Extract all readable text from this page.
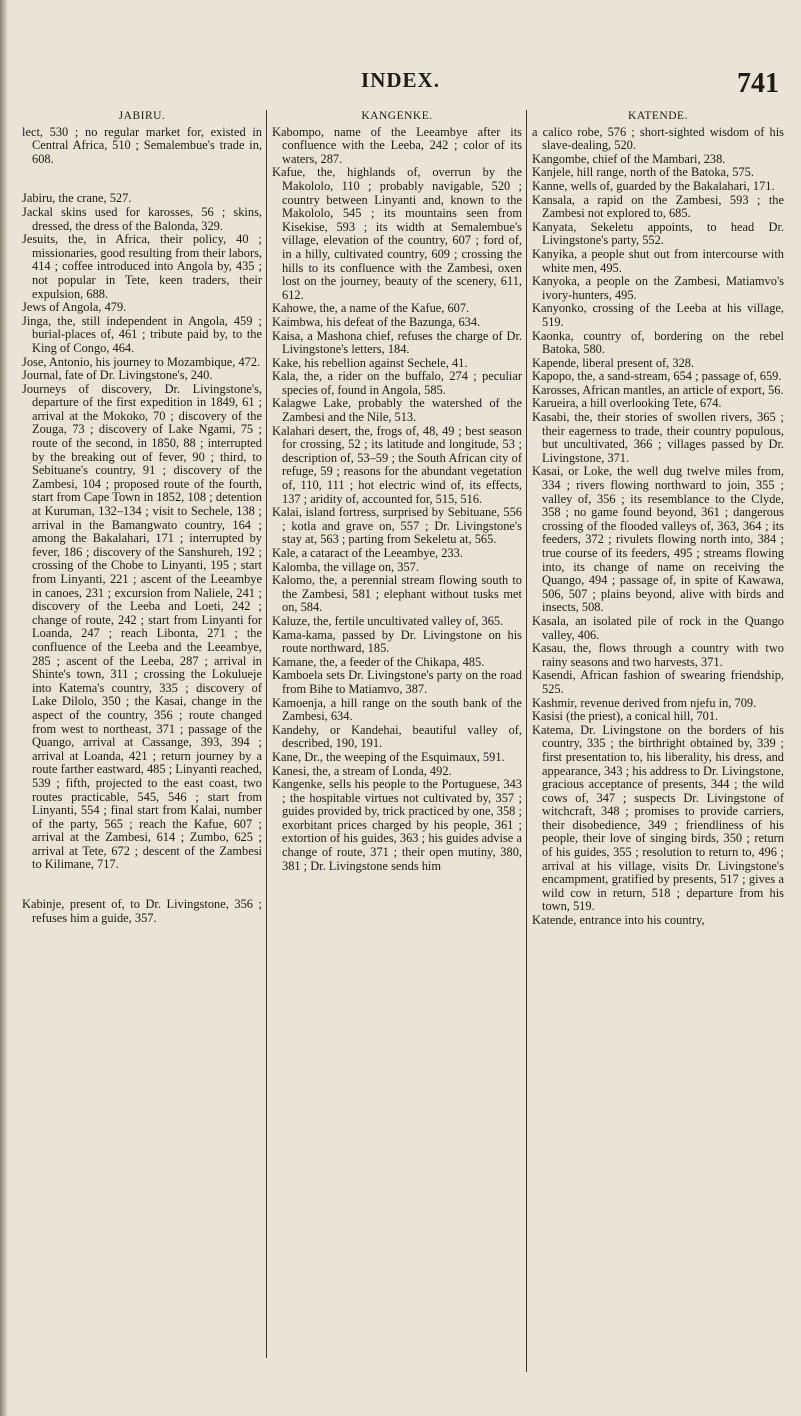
INDEX.	741
JABIRU.

lect, 530 ; no regular market for, existed in Central Africa, 510 ; Semalembue's trade in, 608.

Jabiru, the crane, 527.

Jackal skins used for karosses, 56 ; skins, dressed, the dress of the Balonda, 329.

Jesuits, the, in Africa, their policy, 40 ; missionaries, good resulting from their labors, 414 ; coffee introduced into Angola by, 435 ; not popular in Tete, keen traders, their expulsion, 688.

Jews of Angola, 479.

Jinga, the, still independent in Angola, 459 ; burial-places of, 461 ; tribute paid by, to the King of Congo, 464.

Jose, Antonio, his journey to Mozambique, 472.

Journal, fate of Dr. Livingstone's, 240.

Journeys of discovery, Dr. Livingstone's, departure of the first expedition in 1849, 61 ; arrival at the Mokoko, 70 ; discovery of the Zouga, 73 ; discovery of Lake Ngami, 75 ; route of the second, in 1850, 88 ; interrupted by the breaking out of fever, 90 ; third, to Sebituane's country, 91 ; discovery of the Zambesi, 104 ; proposed route of the fourth, start from Cape Town in 1852, 108 ; detention at Kuruman, 132–134 ; visit to Sechele, 138 ; arrival in the Bamangwato country, 164 ; among the Bakalahari, 171 ; interrupted by fever, 186 ; discovery of the Sanshureh, 192 ; crossing of the Chobe to Linyanti, 195 ; start from Linyanti, 221 ; ascent of the Leeambye in canoes, 231 ; excursion from Naliele, 241 ; discovery of the Leeba and Loeti, 242 ; change of route, 242 ; start from Linyanti for Loanda, 247 ; reach Libonta, 271 ; the confluence of the Leeba and the Leeambye, 285 ; ascent of the Leeba, 287 ; arrival in Shinte's town, 311 ; crossing the Lokulueje into Katema's country, 335 ; discovery of Lake Dilolo, 350 ; the Kasai, change in the aspect of the country, 356 ; route changed from west to northeast, 371 ; passage of the Quango, arrival at Cassange, 393, 394 ; arrival at Loanda, 421 ; return journey by a route farther eastward, 485 ; Linyanti reached, 539 ; fifth, projected to the east coast, two routes practicable, 545, 546 ; start from Linyanti, 554 ; final start from Kalai, number of the party, 565 ; reach the Kafue, 607 ; arrival at the Zambesi, 614 ; Zumbo, 625 ; arrival at Tete, 672 ; descent of the Zambesi to Kilimane, 717.

Kabinje, present of, to Dr. Livingstone, 356 ; refuses him a guide, 357.

KANGENKE.

Kabompo, name of the Leeambye after its confluence with the Leeba, 242 ; color of its waters, 287.

Kafue, the, highlands of, overrun by the Makololo, 110 ; probably navigable, 520 ; country between Linyanti and, known to the Makololo, 545 ; its mountains seen from Kisekise, 593 ; its width at Semalembue's village, elevation of the country, 607 ; ford of, in a hilly, cultivated country, 609 ; crossing the hills to its confluence with the Zambesi, oxen lost on the journey, beauty of the scenery, 611, 612.

Kahowe, the, a name of the Kafue, 607.

Kaimbwa, his defeat of the Bazunga, 634.

Kaisa, a Mashona chief, refuses the charge of Dr. Livingstone's letters, 184.

Kake, his rebellion against Sechele, 41.

Kala, the, a rider on the buffalo, 274 ; peculiar species of, found in Angola, 585.

Kalagwe Lake, probably the watershed of the Zambesi and the Nile, 513.

Kalahari desert, the, frogs of, 48, 49 ; best season for crossing, 52 ; its latitude and longitude, 53 ; description of, 53–59 ; the South African city of refuge, 59 ; reasons for the abundant vegetation of, 110, 111 ; hot electric wind of, its effects, 137 ; aridity of, accounted for, 515, 516.

Kalai, island fortress, surprised by Sebituane, 556 ; kotla and grave on, 557 ; Dr. Livingstone's stay at, 563 ; parting from Sekeletu at, 565.

Kale, a cataract of the Leeambye, 233.

Kalomba, the village on, 357.

Kalomo, the, a perennial stream flowing south to the Zambesi, 581 ; elephant without tusks met on, 584.

Kaluze, the, fertile uncultivated valley of, 365.

Kama-kama, passed by Dr. Livingstone on his route northward, 185.

Kamane, the, a feeder of the Chikapa, 485.

Kamboela sets Dr. Livingstone's party on the road from Bihe to Matiamvo, 387.

Kamoenja, a hill range on the south bank of the Zambesi, 634.

Kandehy, or Kandehai, beautiful valley of, described, 190, 191.

Kane, Dr., the weeping of the Esquimaux, 591.

Kanesi, the, a stream of Londa, 492.

Kangenke, sells his people to the Portuguese, 343 ; the hospitable virtues not cultivated by, 357 ; guides provided by, trick practiced by one, 358 ; exorbitant prices charged by his people, 361 ; extortion of his guides, 363 ; his guides advise a change of route, 371 ; their open mutiny, 380, 381 ; Dr. Livingstone sends him

KATENDE.

a calico robe, 576 ; short-sighted wisdom of his slave-dealing, 520.

Kangombe, chief of the Mambari, 238.

Kanjele, hill range, north of the Batoka, 575.

Kanne, wells of, guarded by the Bakalahari, 171.

Kansala, a rapid on the Zambesi, 593 ; the Zambesi not explored to, 685.

Kanyata, Sekeletu appoints, to head Dr. Livingstone's party, 552.

Kanyika, a people shut out from intercourse with white men, 495.

Kanyoka, a people on the Zambesi, Matiamvo's ivory-hunters, 495.

Kanyonko, crossing of the Leeba at his village, 519.

Kaonka, country of, bordering on the rebel Batoka, 580.

Kapende, liberal present of, 328.

Kapopo, the, a sand-stream, 654 ; passage of, 659.

Karosses, African mantles, an article of export, 56.

Karueira, a hill overlooking Tete, 674.

Kasabi, the, their stories of swollen rivers, 365 ; their eagerness to trade, their country populous, but uncultivated, 366 ; villages passed by Dr. Livingstone, 371.

Kasai, or Loke, the well dug twelve miles from, 334 ; rivers flowing northward to join, 355 ; valley of, 356 ; its resemblance to the Clyde, 358 ; no game found beyond, 361 ; dangerous crossing of the flooded valleys of, 363, 364 ; its feeders, 372 ; rivulets flowing north into, 384 ; true course of its feeders, 495 ; streams flowing into, its change of name on receiving the Quango, 494 ; passage of, in spite of Kawawa, 506, 507 ; plains beyond, alive with birds and insects, 508.

Kasala, an isolated pile of rock in the Quango valley, 406.

Kasau, the, flows through a country with two rainy seasons and two harvests, 371.

Kasendi, African fashion of swearing friendship, 525.

Kashmir, revenue derived from njefu in, 709.

Kasisi (the priest), a conical hill, 701.

Katema, Dr. Livingstone on the borders of his country, 335 ; the birthright obtained by, 339 ; first presentation to, his liberality, his dress, and appearance, 343 ; his address to Dr. Livingstone, gracious acceptance of presents, 344 ; the wild cows of, 347 ; suspects Dr. Livingstone of witchcraft, 348 ; promises to provide carriers, their disobedience, 349 ; friendliness of his people, their love of singing birds, 350 ; return of his guides, 355 ; resolution to return to, 496 ; arrival at his village, visits Dr. Livingstone's encampment, gratified by presents, 517 ; gives a wild cow in return, 518 ; departure from his town, 519.

Katende, entrance into his country,
